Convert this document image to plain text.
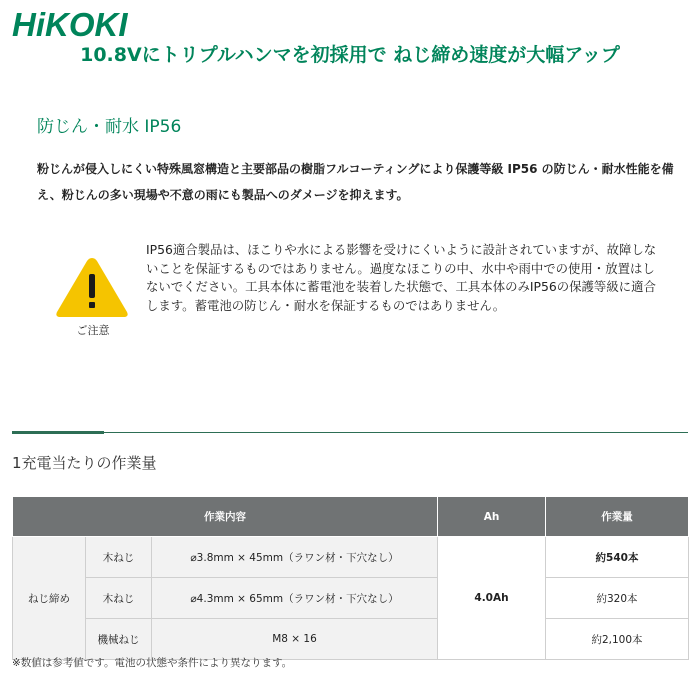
HiKOKI
10.8Vにトリプルハンマを初採用で ねじ締め速度が大幅アップ
防じん・耐水 IP56
粉じんが侵入しにくい特殊風窓構造と主要部品の樹脂フルコーティングにより保護等級 IP56 の防じん・耐水性能を備え、粉じんの多い現場や不意の雨にも製品へのダメージを抑えます。
ご注意
IP56適合製品は、ほこりや水による影響を受けにくいように設計されていますが、故障しないことを保証するものではありません。過度なほこりの中、水中や雨中での使用・放置はしないでください。工具本体に蓄電池を装着した状態で、工具本体のみIP56の保護等級に適合します。蓄電池の防じん・耐水を保証するものではありません。
1充電当たりの作業量
作業内容			Ah	作業量
ねじ締め	木ねじ	⌀3.8mm × 45mm（ラワン材・下穴なし）	4.0Ah	約540本
	木ねじ	⌀4.3mm × 65mm（ラワン材・下穴なし）		約320本
	機械ねじ	M8 × 16		約2,100本
※数値は参考値です。電池の状態や条件により異なります。
